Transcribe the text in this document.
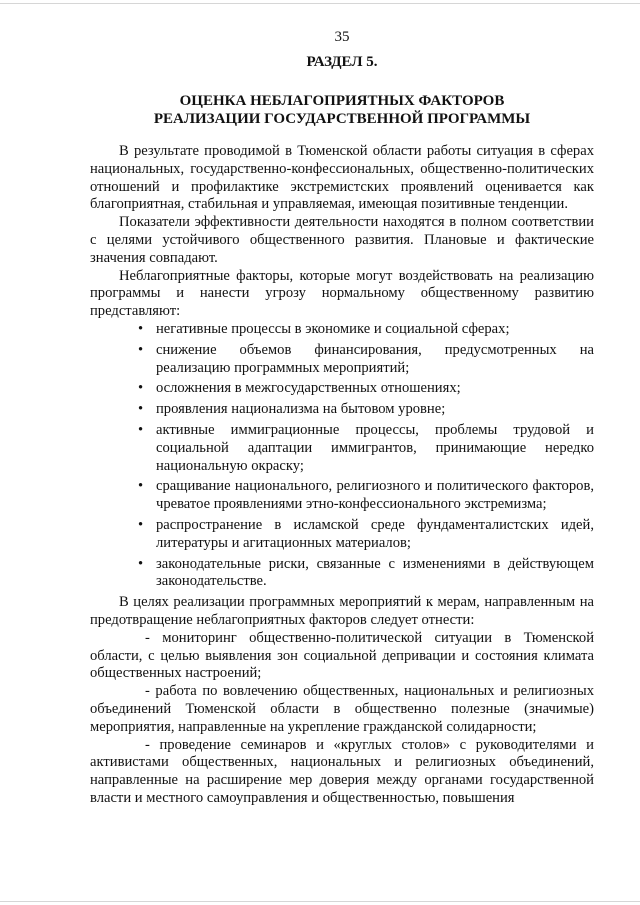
35
РАЗДЕЛ 5.
ОЦЕНКА НЕБЛАГОПРИЯТНЫХ ФАКТОРОВ
РЕАЛИЗАЦИИ ГОСУДАРСТВЕННОЙ ПРОГРАММЫ

В результате проводимой в Тюменской области работы ситуация в сферах национальных, государственно-конфессиональных, общественно-политических отношений и профилактике экстремистских проявлений оценивается как благоприятная, стабильная и управляемая, имеющая позитивные тенденции.

Показатели эффективности деятельности находятся в полном соответствии с целями устойчивого общественного развития. Плановые и фактические значения совпадают.

Неблагоприятные факторы, которые могут воздействовать на реализацию программы и нанести угрозу нормальному общественному развитию представляют:

• негативные процессы в экономике и социальной сферах;
• снижение объемов финансирования, предусмотренных на реализацию программных мероприятий;
• осложнения в межгосударственных отношениях;
• проявления национализма на бытовом уровне;
• активные иммиграционные процессы, проблемы трудовой и социальной адаптации иммигрантов, принимающие нередко национальную окраску;
• сращивание национального, религиозного и политического факторов, чреватое проявлениями этно-конфессионального экстремизма;
• распространение в исламской среде фундаменталистских идей, литературы и агитационных материалов;
• законодательные риски, связанные с изменениями в действующем законодательстве.

В целях реализации программных мероприятий к мерам, направленным на предотвращение неблагоприятных факторов следует отнести:

- мониторинг общественно-политической ситуации в Тюменской области, с целью выявления зон социальной депривации и состояния климата общественных настроений;

- работа по вовлечению общественных, национальных и религиозных объединений Тюменской области в общественно полезные (значимые) мероприятия, направленные на укрепление гражданской солидарности;

- проведение семинаров и «круглых столов» с руководителями и активистами общественных, национальных и религиозных объединений, направленные на расширение мер доверия между органами государственной власти и местного самоуправления и общественностью, повышения
